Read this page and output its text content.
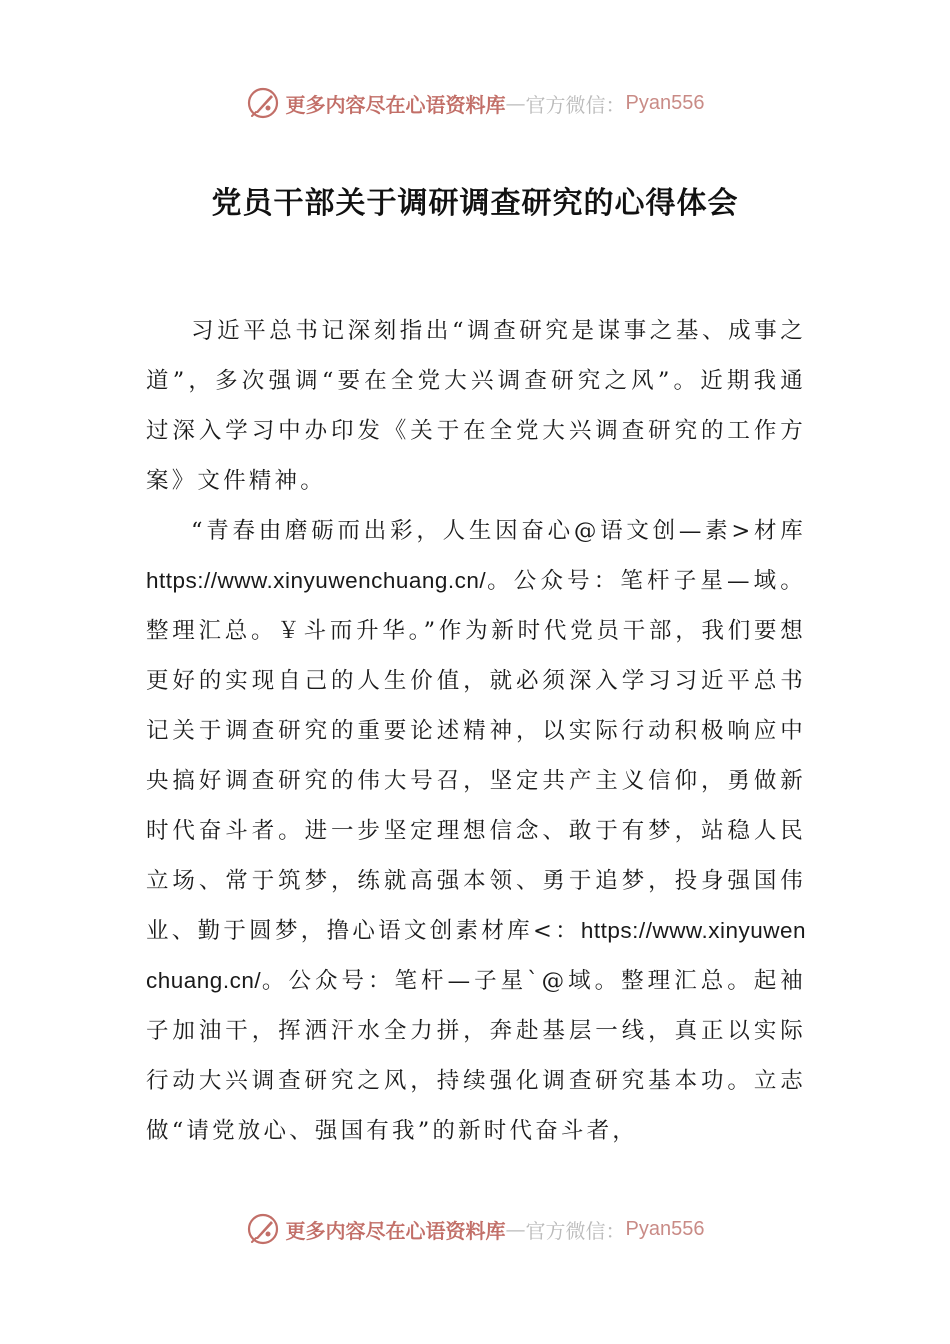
更多内容尽在心语资料库 — 官方微信： Pyan556
党员干部关于调研调查研究的心得体会

习近平总书记深刻指出“调查研究是谋事之基、成事之道”，多次强调“要在全党大兴调查研究之风”。近期我通过深入学习中办印发《关于在全党大兴调查研究的工作方案》文件精神。

“青春由磨砺而出彩，人生因奋心@语文创—素>材库https://www.xinyuwenchuang.cn/。公众号：笔杆子星—域。整理汇总。￥斗而升华。”作为新时代党员干部，我们要想更好的实现自己的人生价值，就必须深入学习习近平总书记关于调查研究的重要论述精神，以实际行动积极响应中央搞好调查研究的伟大号召，坚定共产主义信仰，勇做新时代奋斗者。进一步坚定理想信念、敢于有梦，站稳人民立场、常于筑梦，练就高强本领、勇于追梦，投身强国伟业、勤于圆梦，撸心语文创素材库<：https://www.xinyuwenchuang.cn/。公众号：笔杆—子星`@域。整理汇总。起袖子加油干，挥洒汗水全力拼，奔赴基层一线，真正以实际行动大兴调查研究之风，持续强化调查研究基本功。立志做“请党放心、强国有我”的新时代奋斗者，

更多内容尽在心语资料库 — 官方微信： Pyan556
